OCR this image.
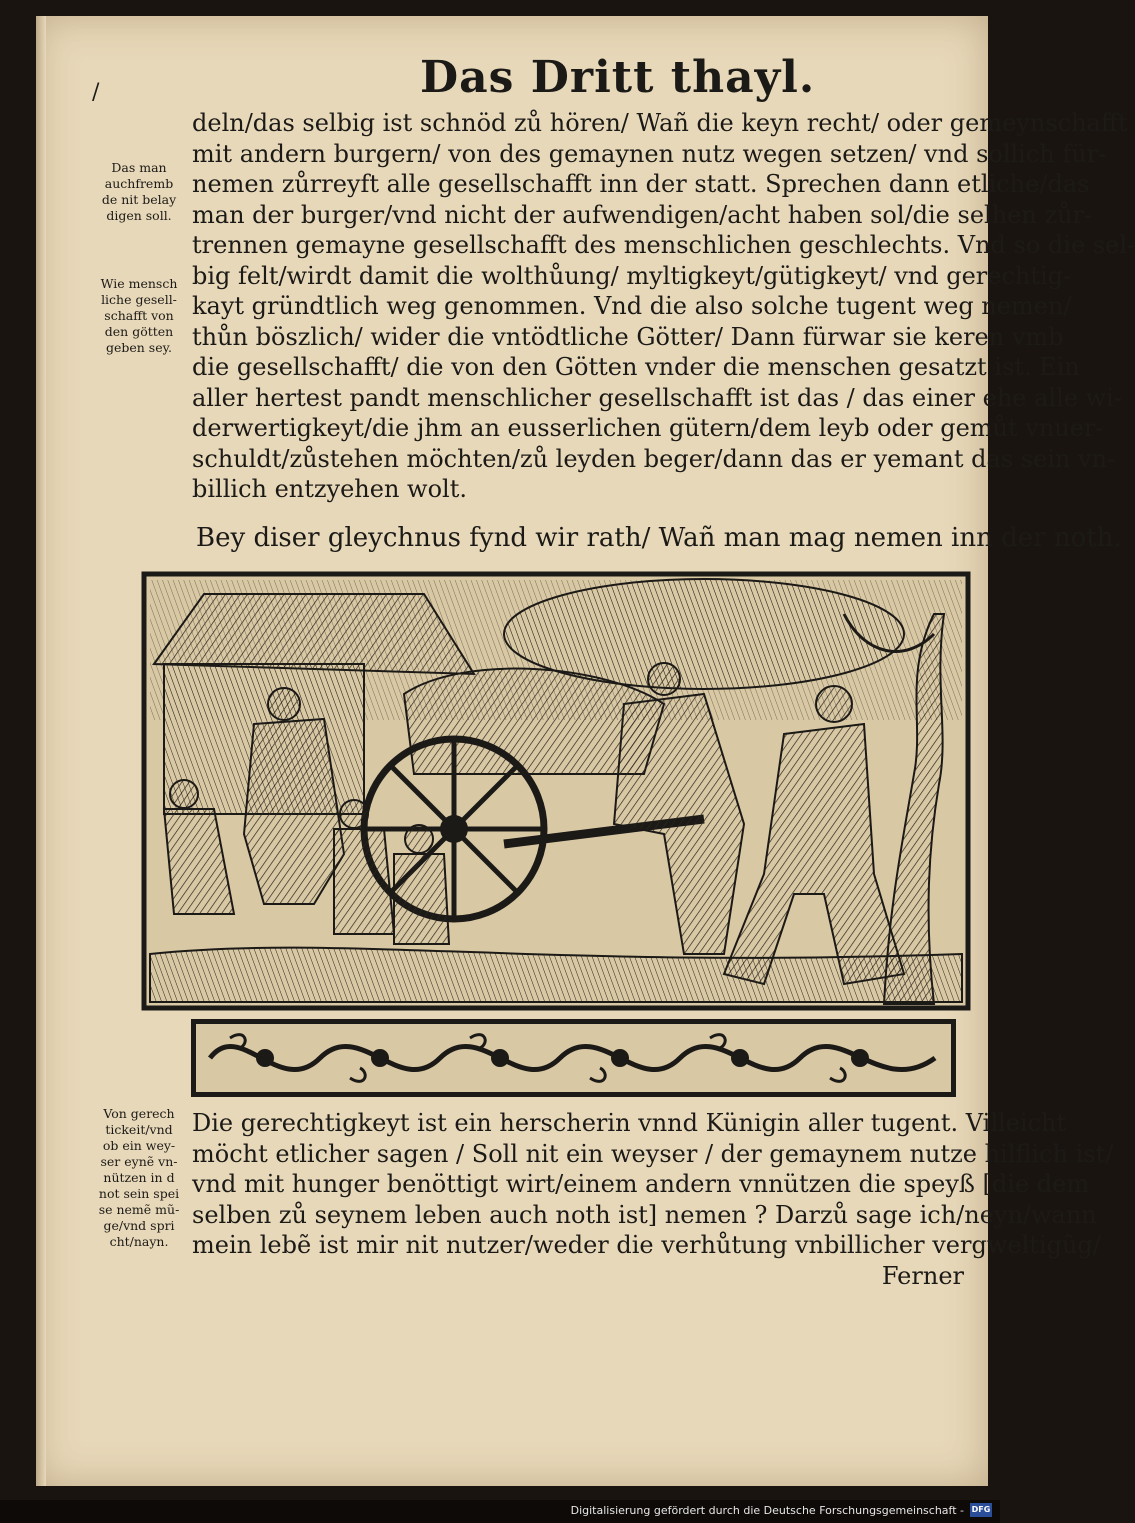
Das Dritt thayl.
/
Das man
auchfremb
de nit belay
digen soll.
Wie mensch
liche gesell-
schafft von
den götten
geben sey.
Von gerech
tickeit/vnd
ob ein wey-
ser eynẽ vn-
nützen in d
not sein spei
se nemẽ mũ-
ge/vnd spri
cht/nayn.
deln/das selbig ist schnöd zů hören/ Wañ die keyn recht/ oder gemeynschafft
mit andern burgern/ von des gemaynen nutz wegen setzen/ vnd sollich für-
nemen zůrreyft alle gesellschafft inn der statt. Sprechen dann etliche/das
man der burger/vnd nicht der aufwendigen/acht haben sol/die selhen zůr-
trennen gemayne gesellschafft des menschlichen geschlechts. Vnd so die sel-
big felt/wirdt damit die wolthůung/ myltigkeyt/gütigkeyt/ vnd gerechtig-
kayt gründtlich weg genommen. Vnd die also solche tugent weg nemen/
thůn böszlich/ wider die vntödtliche Götter/ Dann fürwar sie keren vmb
die gesellschafft/ die von den Götten vnder die menschen gesatzt ist. Ein
aller hertest pandt menschlicher gesellschafft ist das / das einer ehe alle wi-
derwertigkeyt/die jhm an eusserlichen gütern/dem leyb oder gemůt vnuer-
schuldt/zůstehen möchten/zů leyden beger/dann das er yemant das sein vn-
billich entzyehen wolt.
Bey diser gleychnus fynd wir rath/ Wañ man mag nemen inn der noth.
Die gerechtigkeyt ist ein herscherin vnnd Künigin aller tugent. Villeicht
möcht etlicher sagen / Soll nit ein weyser / der gemaynem nutze hilflich ist/
vnd mit hunger benöttigt wirt/einem andern vnnützen die speyß [die dem
selben zů seynem leben auch noth ist] nemen ? Darzů sage ich/neyn/wann
mein lebẽ ist mir nit nutzer/weder die verhůtung vnbillicher vergweltigũg/
Ferner
Digitalisierung gefördert durch die Deutsche Forschungsgemeinschaft - DFG
